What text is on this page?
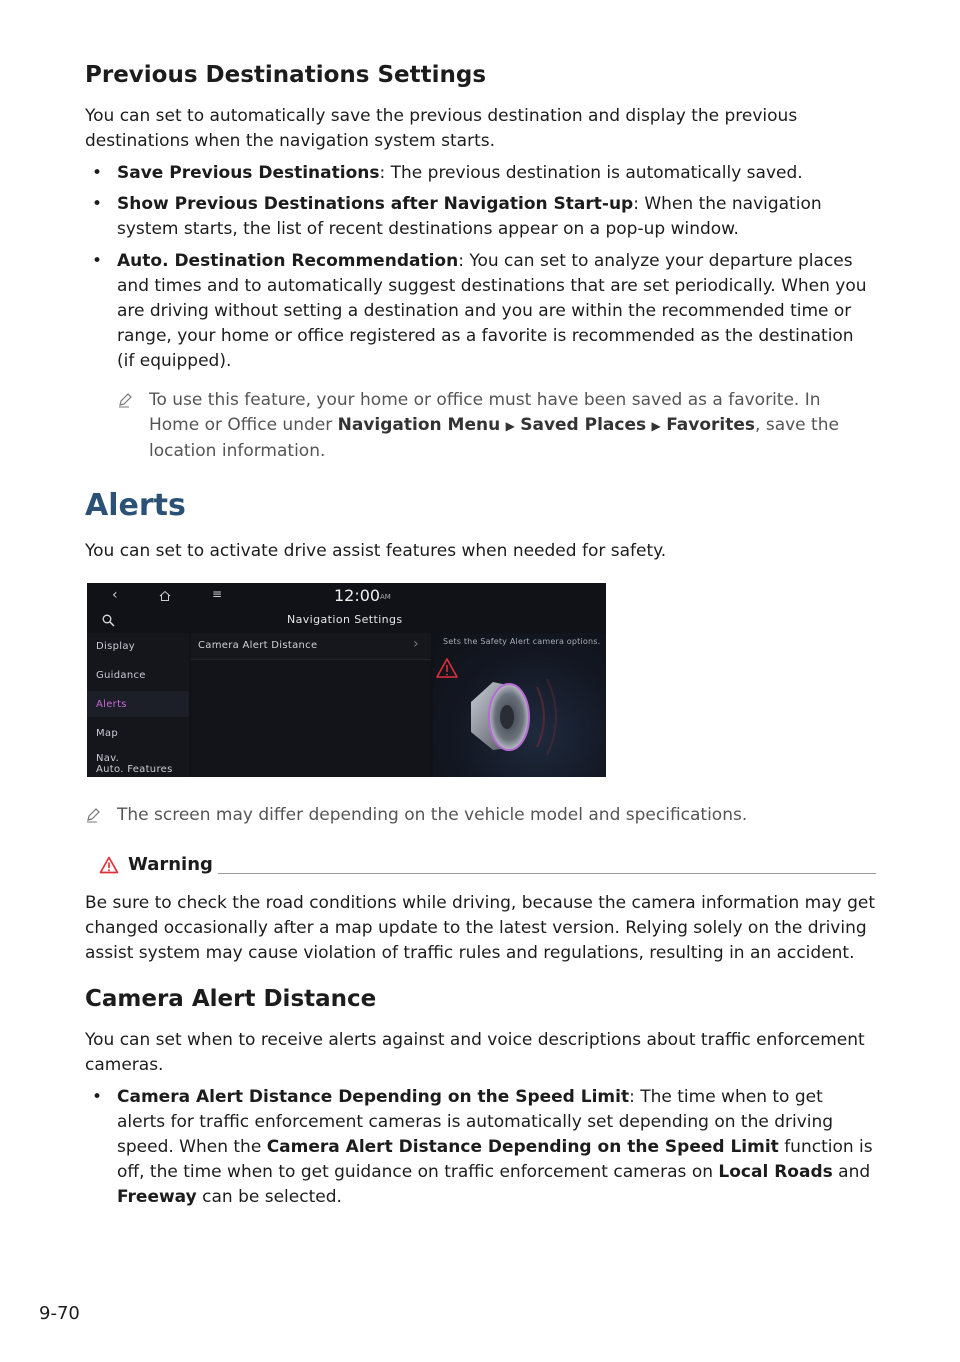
Previous Destinations Settings

You can set to automatically save the previous destination and display the previous destinations when the navigation system starts.

• Save Previous Destinations: The previous destination is automatically saved.
• Show Previous Destinations after Navigation Start-up: When the navigation system starts, the list of recent destinations appear on a pop-up window.
• Auto. Destination Recommendation: You can set to analyze your departure places and times and to automatically suggest destinations that are set periodically. When you are driving without setting a destination and you are within the recommended time or range, your home or office registered as a favorite is recommended as the destination (if equipped).
To use this feature, your home or office must have been saved as a favorite. In Home or Office under Navigation Menu ▶ Saved Places ▶ Favorites, save the location information.
Alerts

You can set to activate drive assist features when needed for safety.

‹	≡	12:00 AM
Navigation Settings
Display
Guidance
Alerts
Map
Nav.
Auto. Features
Camera Alert Distance	›	Sets the Safety Alert camera options.
The screen may differ depending on the vehicle model and specifications.
Warning

Be sure to check the road conditions while driving, because the camera information may get changed occasionally after a map update to the latest version. Relying solely on the driving assist system may cause violation of traffic rules and regulations, resulting in an accident.

Camera Alert Distance

You can set when to receive alerts against and voice descriptions about traffic enforcement cameras.

• Camera Alert Distance Depending on the Speed Limit: The time when to get alerts for traffic enforcement cameras is automatically set depending on the driving speed. When the Camera Alert Distance Depending on the Speed Limit function is off, the time when to get guidance on traffic enforcement cameras on Local Roads and Freeway can be selected.
9-70
